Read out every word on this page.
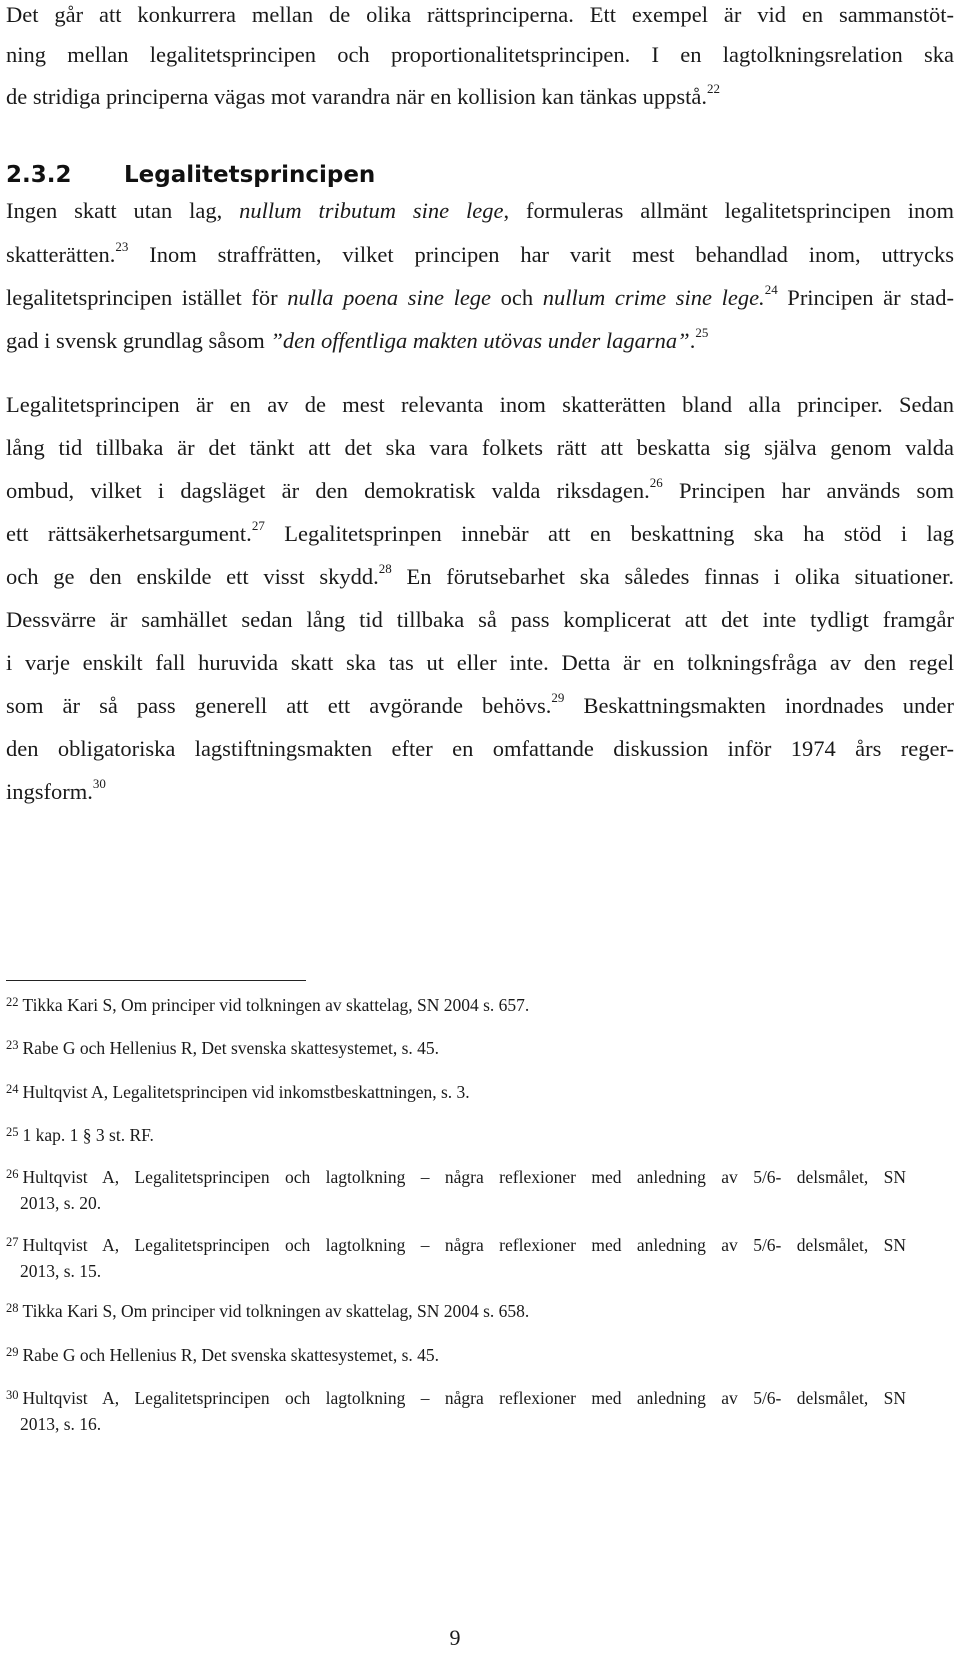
Det går att konkurrera mellan de olika rättsprinciperna. Ett exempel är vid en sammanstöt-
ning mellan legalitetsprincipen och proportionalitetsprincipen. I en lagtolkningsrelation ska
de stridiga principerna vägas mot varandra när en kollision kan tänkas uppstå.$^{22}$
2.3.2 Legalitetsprincipen
Ingen skatt utan lag, nullum tributum sine lege, formuleras allmänt legalitetsprincipen inom
skatterätten.$^{23}$ Inom straffrätten, vilket principen har varit mest behandlad inom, uttrycks
legalitetsprincipen istället för nulla poena sine lege och nullum crime sine lege.$^{24}$ Principen är stad-
gad i svensk grundlag såsom ”den offentliga makten utövas under lagarna”.$^{25}$
Legalitetsprincipen är en av de mest relevanta inom skatterätten bland alla principer. Sedan
lång tid tillbaka är det tänkt att det ska vara folkets rätt att beskatta sig själva genom valda
ombud, vilket i dagsläget är den demokratisk valda riksdagen.$^{26}$ Principen har används som
ett rättsäkerhetsargument.$^{27}$ Legalitetsprinpen innebär att en beskattning ska ha stöd i lag
och ge den enskilde ett visst skydd.$^{28}$ En förutsebarhet ska således finnas i olika situationer.
Dessvärre är samhället sedan lång tid tillbaka så pass komplicerat att det inte tydligt framgår
i varje enskilt fall huruvida skatt ska tas ut eller inte. Detta är en tolkningsfråga av den regel
som är så pass generell att ett avgörande behövs.$^{29}$ Beskattningsmakten inordnades under
den obligatoriska lagstiftningsmakten efter en omfattande diskussion inför 1974 års reger-
ingsform.$^{30}$
22 Tikka Kari S, Om principer vid tolkningen av skattelag, SN 2004 s. 657.
23 Rabe G och Hellenius R, Det svenska skattesystemet, s. 45.
24 Hultqvist A, Legalitetsprincipen vid inkomstbeskattningen, s. 3.
25 1 kap. 1 § 3 st. RF.
26 Hultqvist A, Legalitetsprincipen och lagtolkning – några reflexioner med anledning av 5/6- delsmålet, SN
2013, s. 20.
27 Hultqvist A, Legalitetsprincipen och lagtolkning – några reflexioner med anledning av 5/6- delsmålet, SN
2013, s. 15.
28 Tikka Kari S, Om principer vid tolkningen av skattelag, SN 2004 s. 658.
29 Rabe G och Hellenius R, Det svenska skattesystemet, s. 45.
30 Hultqvist A, Legalitetsprincipen och lagtolkning – några reflexioner med anledning av 5/6- delsmålet, SN
2013, s. 16.
9
